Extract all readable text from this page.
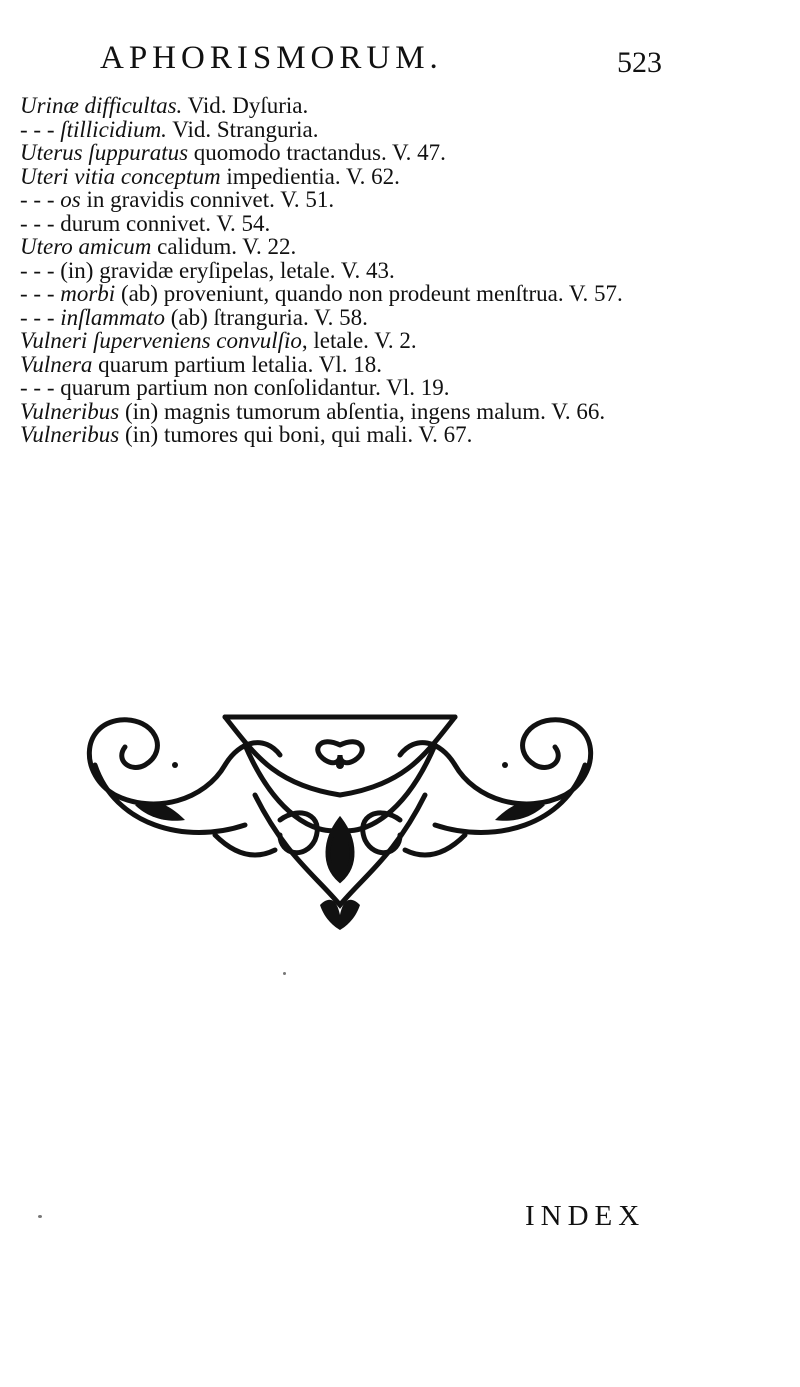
APHORISMORUM.	523
Urinæ difficultas. Vid. Dyſuria.
- - - ſtillicidium. Vid. Stranguria.
Uterus ſuppuratus quomodo tractandus. V. 47.
Uteri vitia conceptum impedientia. V. 62.
- - - os in gravidis connivet. V. 51.
- - - durum connivet. V. 54.
Utero amicum calidum. V. 22.
- - - (in) gravidæ eryſipelas, letale. V. 43.
- - - morbi (ab) proveniunt, quando non prodeunt menſtrua. V. 57.
- - - inſlammato (ab) ſtranguria. V. 58.
Vulneri ſuperveniens convulſio, letale. V. 2.
Vulnera quarum partium letalia. Vl. 18.
- - - quarum partium non conſolidantur. Vl. 19.
Vulneribus (in) magnis tumorum abſentia, ingens malum. V. 66.
Vulneribus (in) tumores qui boni, qui mali. V. 67.
INDEX
